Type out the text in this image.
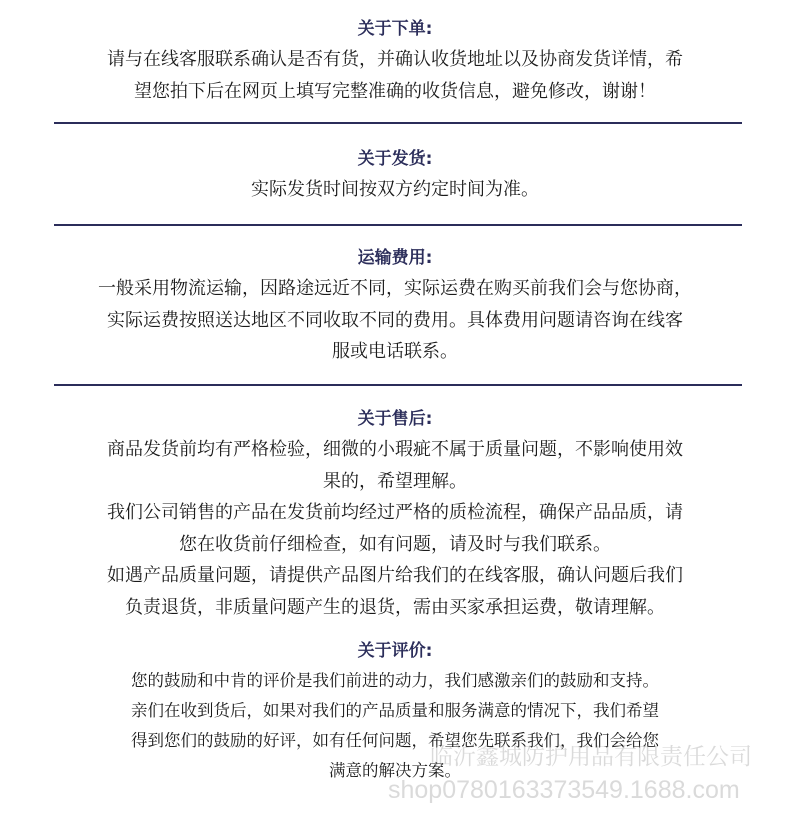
关于下单:
请与在线客服联系确认是否有货，并确认收货地址以及协商发货详情，希
望您拍下后在网页上填写完整准确的收货信息，避免修改，谢谢！
关于发货:
实际发货时间按双方约定时间为准。
运输费用:
一般采用物流运输，因路途远近不同，实际运费在购买前我们会与您协商，
实际运费按照送达地区不同收取不同的费用。具体费用问题请咨询在线客
服或电话联系。
关于售后:
商品发货前均有严格检验，细微的小瑕疵不属于质量问题，不影响使用效
果的，希望理解。
我们公司销售的产品在发货前均经过严格的质检流程，确保产品品质，请
您在收货前仔细检查，如有问题，请及时与我们联系。
如遇产品质量问题，请提供产品图片给我们的在线客服，确认问题后我们
负责退货，非质量问题产生的退货，需由买家承担运费，敬请理解。
关于评价:
您的鼓励和中肯的评价是我们前进的动力，我们感激亲们的鼓励和支持。
亲们在收到货后，如果对我们的产品质量和服务满意的情况下，我们希望
得到您们的鼓励的好评，如有任何问题，希望您先联系我们，我们会给您
满意的解决方案。
临沂鑫城防护用品有限责任公司
shop0780163373549.1688.com
